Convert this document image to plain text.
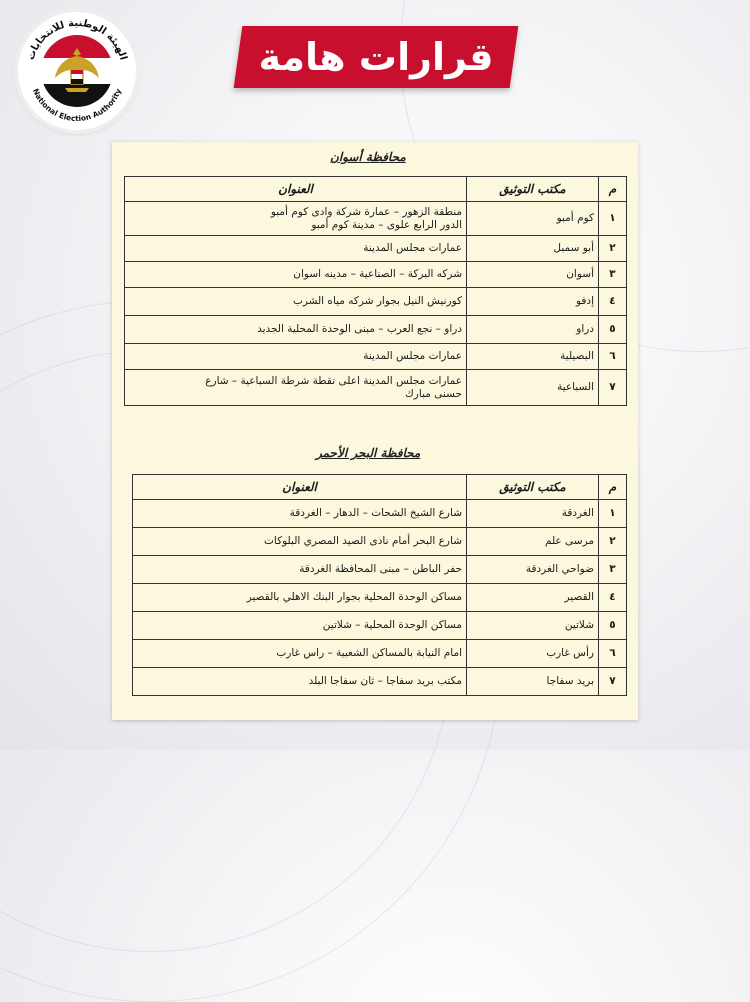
الهيئة الوطنية للانتخابات
National Election Authority
قرارات هامة
محافظة أسوان
م	مكتب التوثيق	العنوان
١	كوم أمبو	منطقة الزهور – عمارة شركة وادى كوم أمبو
الدور الرابع علوى – مدينة كوم أمبو

٢	أبو سمبل	عمارات مجلس المدينة
٣	أسوان	شركه البركة – الصناعية – مدينه اسوان
٤	إدفو	كورنيش النيل بجوار شركه مياه الشرب
٥	دراو	دراو – نجع العرب – مبنى الوحدة المحلية الجديد
٦	البصيلية	عمارات مجلس المدينة
٧	السباعية	عمارات مجلس المدينة اعلى نقطة شرطة السباعية – شارع
حسنى مبارك
محافظة البحر الأحمر
م	مكتب التوثيق	العنوان
١	الغردقة	شارع الشيخ الشحات – الدهار – الغردقة
٢	مرسى علم	شارع البحر أمام نادى الصيد المصري البلوكات
٣	ضواحي الغردقة	حفر الباطن – مبنى المحافظة الغردقة
٤	القصير	مساكن الوحدة المحلية بجوار البنك الاهلي بالقصير
٥	شلاتين	مساكن الوحدة المحلية – شلاتين
٦	رأس غارب	امام النيابة بالمساكن الشعبية – راس غارب
٧	بريد سفاجا	مكتب بريد سفاجا – ثان سفاجا البلد
